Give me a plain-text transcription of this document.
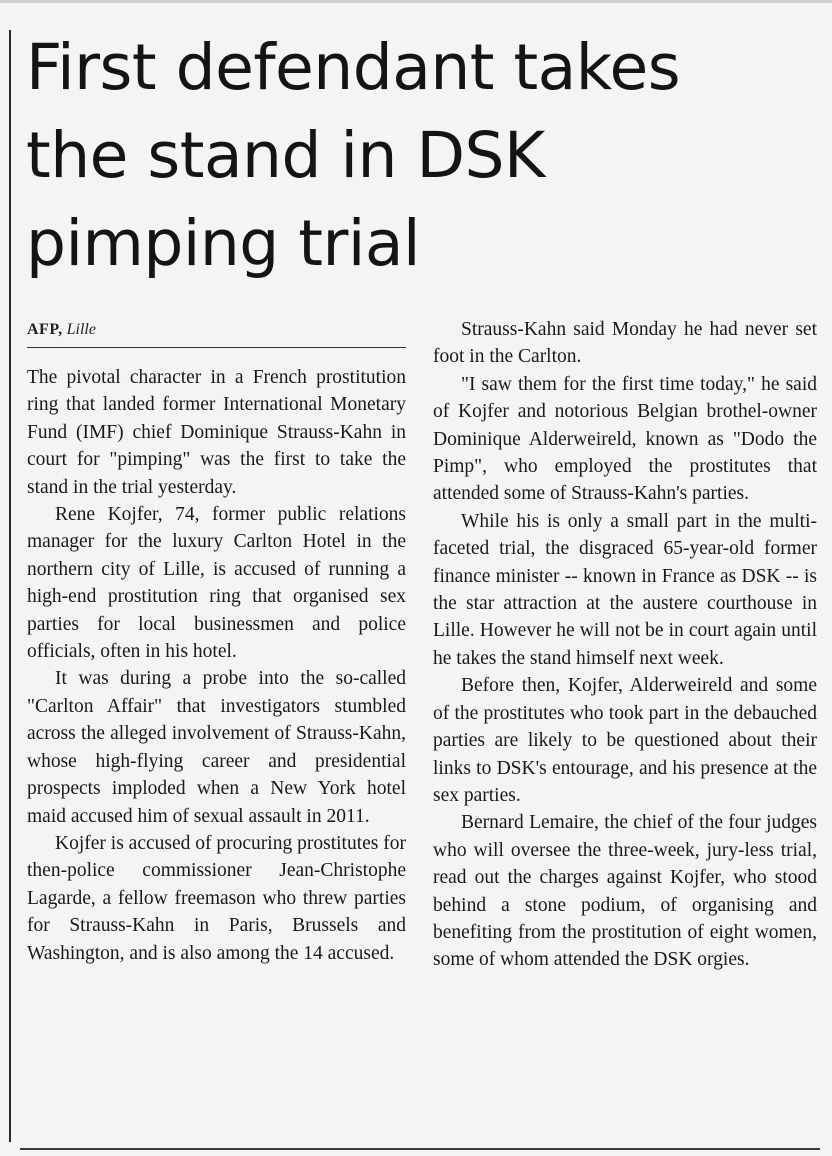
First defendant takes
the stand in DSK
pimping trial
AFP, Lille

The pivotal character in a French prostitution ring that landed former International Monetary Fund (IMF) chief Dominique Strauss-Kahn in court for "pimping" was the first to take the stand in the trial yesterday.

Rene Kojfer, 74, former public relations manager for the luxury Carlton Hotel in the northern city of Lille, is accused of running a high-end prostitution ring that organised sex parties for local businessmen and police officials, often in his hotel.

It was during a probe into the so-called "Carlton Affair" that investigators stumbled across the alleged involvement of Strauss-Kahn, whose high-flying career and presidential prospects imploded when a New York hotel maid accused him of sexual assault in 2011.

Kojfer is accused of procuring prostitutes for then-police commissioner Jean-Christophe Lagarde, a fellow freemason who threw parties for Strauss-Kahn in Paris, Brussels and Washington, and is also among the 14 accused.

Strauss-Kahn said Monday he had never set foot in the Carlton.

"I saw them for the first time today," he said of Kojfer and notorious Belgian brothel-owner Dominique Alderweireld, known as "Dodo the Pimp", who employed the prostitutes that attended some of Strauss-Kahn's parties.

While his is only a small part in the multi-faceted trial, the disgraced 65-year-old former finance minister -- known in France as DSK -- is the star attraction at the austere courthouse in Lille. However he will not be in court again until he takes the stand himself next week.

Before then, Kojfer, Alderweireld and some of the prostitutes who took part in the debauched parties are likely to be questioned about their links to DSK's entourage, and his presence at the sex parties.

Bernard Lemaire, the chief of the four judges who will oversee the three-week, jury-less trial, read out the charges against Kojfer, who stood behind a stone podium, of organising and benefiting from the prostitution of eight women, some of whom attended the DSK orgies.
